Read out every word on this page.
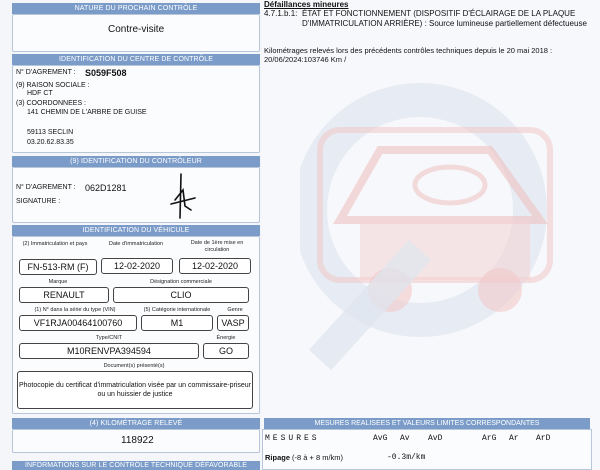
NATURE DU PROCHAIN CONTRÔLE
Contre-visite
IDENTIFICATION DU CENTRE DE CONTRÔLE
N° D'AGREMENT : S059F508
(9) RAISON SOCIALE :
HDF CT
(3) COORDONNEES :
141 CHEMIN DE L'ARBRE DE GUISE
59113 SECLIN
03.20.62.83.35
(9) IDENTIFICATION DU CONTRÔLEUR
N° D'AGREMENT : 062D1281
SIGNATURE :
IDENTIFICATION DU VÉHICULE
(2) Immatriculation et pays	Date d'immatriculation	Date de 1ère mise en circulation
FN-513-RM (F)	12-02-2020	12-02-2020
Marque	Désignation commerciale
RENAULT	CLIO
(1) N° dans la série du type (VIN)	(5) Catégorie internationale	Genre
VF1RJA00464100760	M1	VASP
Type/CNIT	Énergie
M10RENVPA394594	GO
Document(s) présenté(s)
Photocopie du certificat d'immatriculation visée par un commissaire-priseur ou un huissier de justice
(4) KILOMÉTRAGE RELEVÉ
118922
INFORMATIONS SUR LE CONTRÔLE TECHNIQUE DÉFAVORABLE
Défaillances mineures
4.7.1.b.1: ÉTAT ET FONCTIONNEMENT (DISPOSITIF D'ÉCLAIRAGE DE LA PLAQUE D'IMMATRICULATION ARRIÈRE) : Source lumineuse partiellement défectueuse
Kilométrages relevés lors des précédents contrôles techniques depuis le 20 mai 2018 : 20/06/2024:103746 Km /
MESURES REALISEES ET VALEURS LIMITES CORRESPONDANTES
MESURES	AvG Av AvD	ArG Ar ArD
Ripage (-8 à + 8 m/km)	-0.3m/km
